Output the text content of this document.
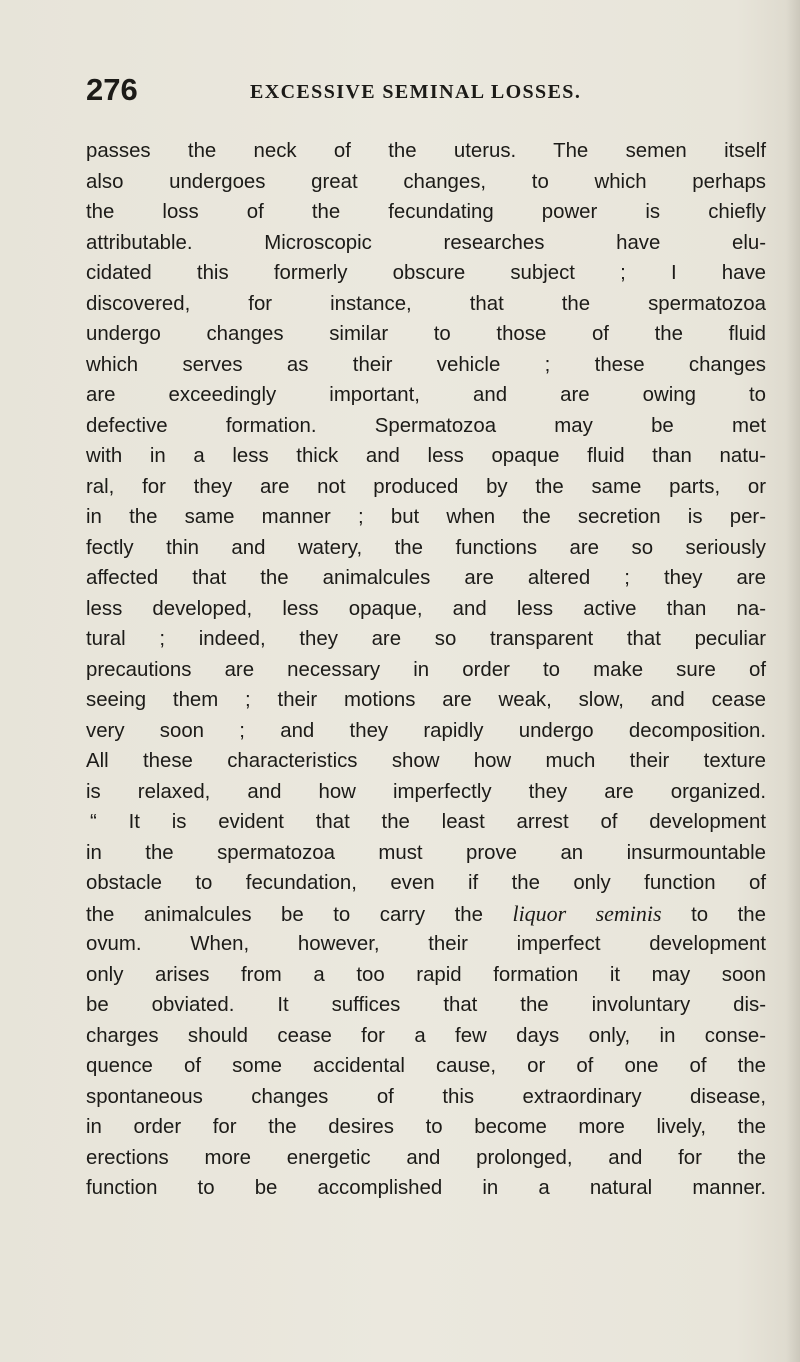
276	EXCESSIVE SEMINAL LOSSES.
passes the neck of the uterus. The semen itself
also undergoes great changes, to which perhaps
the loss of the fecundating power is chiefly
attributable. Microscopic researches have elu-
cidated this formerly obscure subject ; I have
discovered, for instance, that the spermatozoa
undergo changes similar to those of the fluid
which serves as their vehicle ; these changes
are exceedingly important, and are owing to
defective formation. Spermatozoa may be met
with in a less thick and less opaque fluid than natu-
ral, for they are not produced by the same parts, or
in the same manner ; but when the secretion is per-
fectly thin and watery, the functions are so seriously
affected that the animalcules are altered ; they are
less developed, less opaque, and less active than na-
tural ; indeed, they are so transparent that peculiar
precautions are necessary in order to make sure of
seeing them ; their motions are weak, slow, and cease
very soon ; and they rapidly undergo decomposition.
All these characteristics show how much their texture
is relaxed, and how imperfectly they are organized.
“ It is evident that the least arrest of development
in the spermatozoa must prove an insurmountable
obstacle to fecundation, even if the only function of
the animalcules be to carry the liquor seminis to the
ovum. When, however, their imperfect development
only arises from a too rapid formation it may soon
be obviated. It suffices that the involuntary dis-
charges should cease for a few days only, in conse-
quence of some accidental cause, or of one of the
spontaneous changes of this extraordinary disease,
in order for the desires to become more lively, the
erections more energetic and prolonged, and for the
function to be accomplished in a natural manner.
